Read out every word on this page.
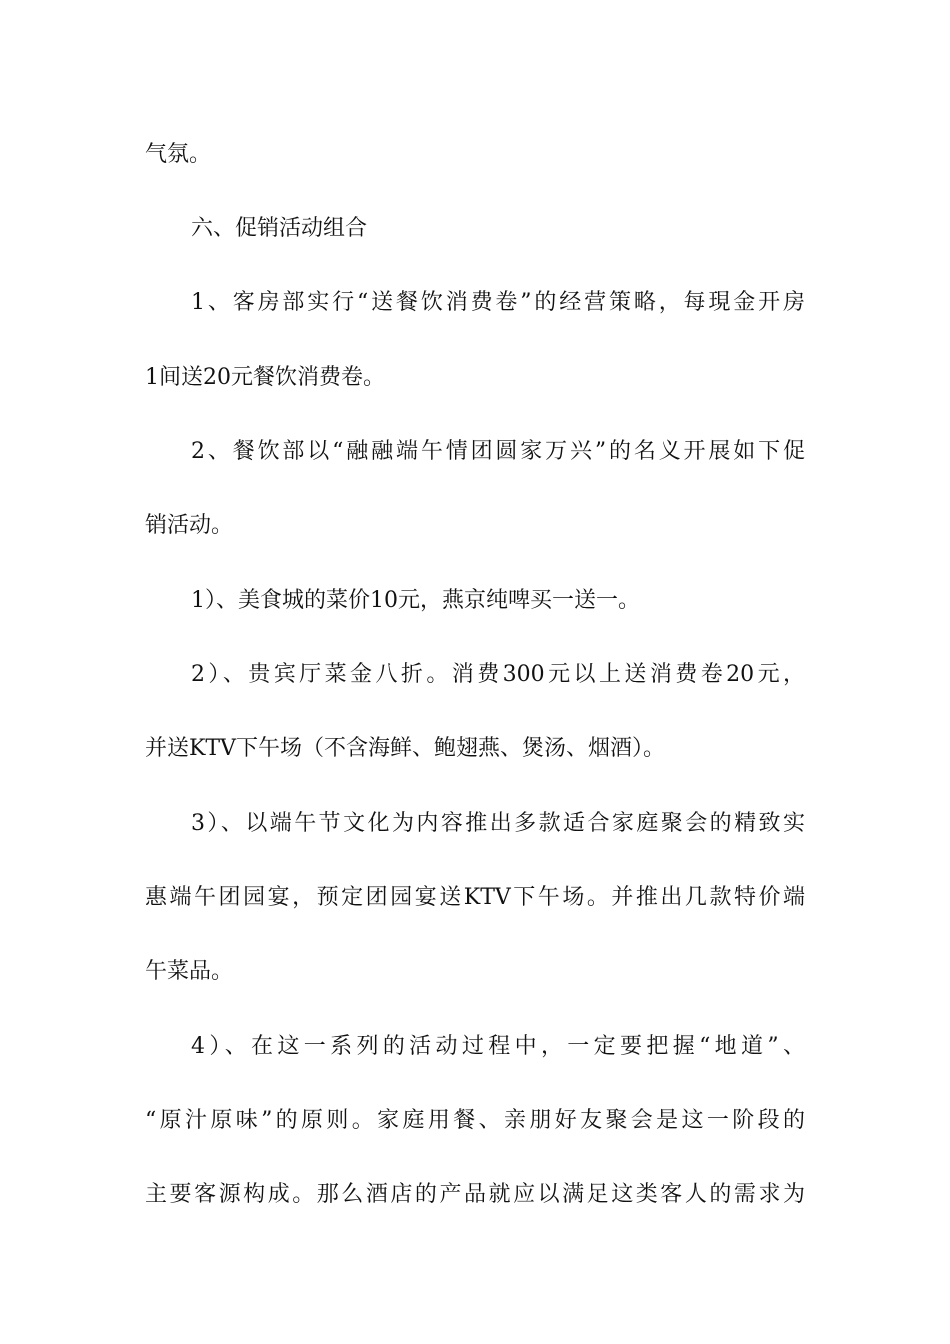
气氛。
六、促销活动组合
1、客房部实行“送餐饮消费卷”的经营策略，每現金开房
1间送20元餐饮消费卷。
2、餐饮部以“融融端午情团圆家万兴”的名义开展如下促
销活动。
1）、美食城的菜价10元，燕京纯啤买一送一。
2）、贵宾厅菜金八折。消费300元以上送消费卷20元，
并送KTV下午场（不含海鲜、鲍翅燕、煲汤、烟酒）。
3）、以端午节文化为内容推出多款适合家庭聚会的精致实
惠端午团园宴，预定团园宴送KTV下午场。并推出几款特价端
午菜品。
4）、在这一系列的活动过程中，一定要把握“地道”、
“原汁原味”的原则。家庭用餐、亲朋好友聚会是这一阶段的
主要客源构成。那么酒店的产品就应以满足这类客人的需求为
